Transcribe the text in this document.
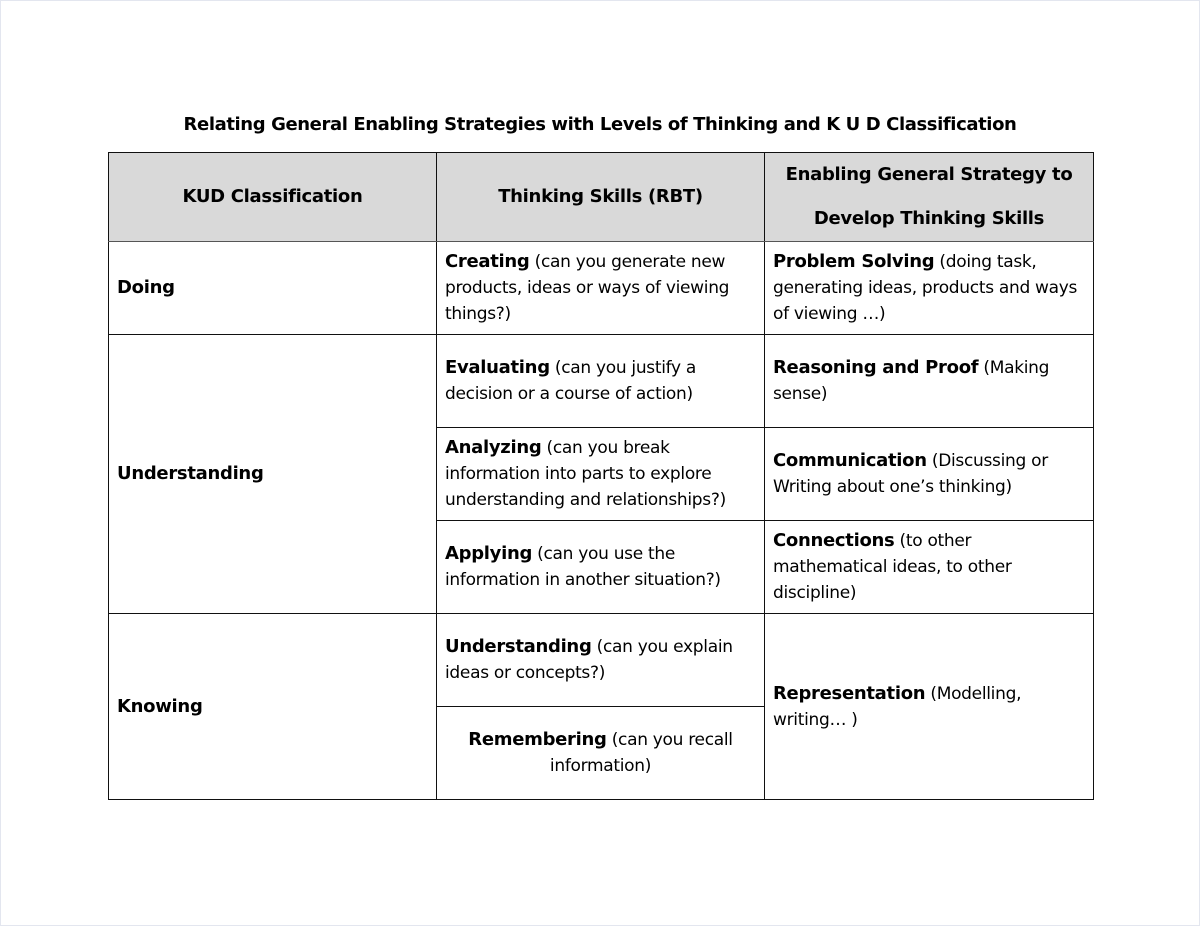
Relating General Enabling Strategies with Levels of Thinking and K U D Classification
KUD Classification	Thinking Skills (RBT)	Enabling General Strategy to
Develop Thinking Skills

Doing	Creating (can you generate new products, ideas or ways of viewing things?)	Problem Solving (doing task, generating ideas, products and ways of viewing …)
Understanding	Evaluating (can you justify a decision or a course of action)	Reasoning and Proof (Making sense)
	Analyzing (can you break information into parts to explore understanding and relationships?)	Communication (Discussing or Writing about one’s thinking)
	Applying (can you use the information in another situation?)	Connections (to other mathematical ideas, to other discipline)
Knowing	Understanding (can you explain ideas or concepts?)	Representation (Modelling, writing… )
	Remembering (can you recall information)	
